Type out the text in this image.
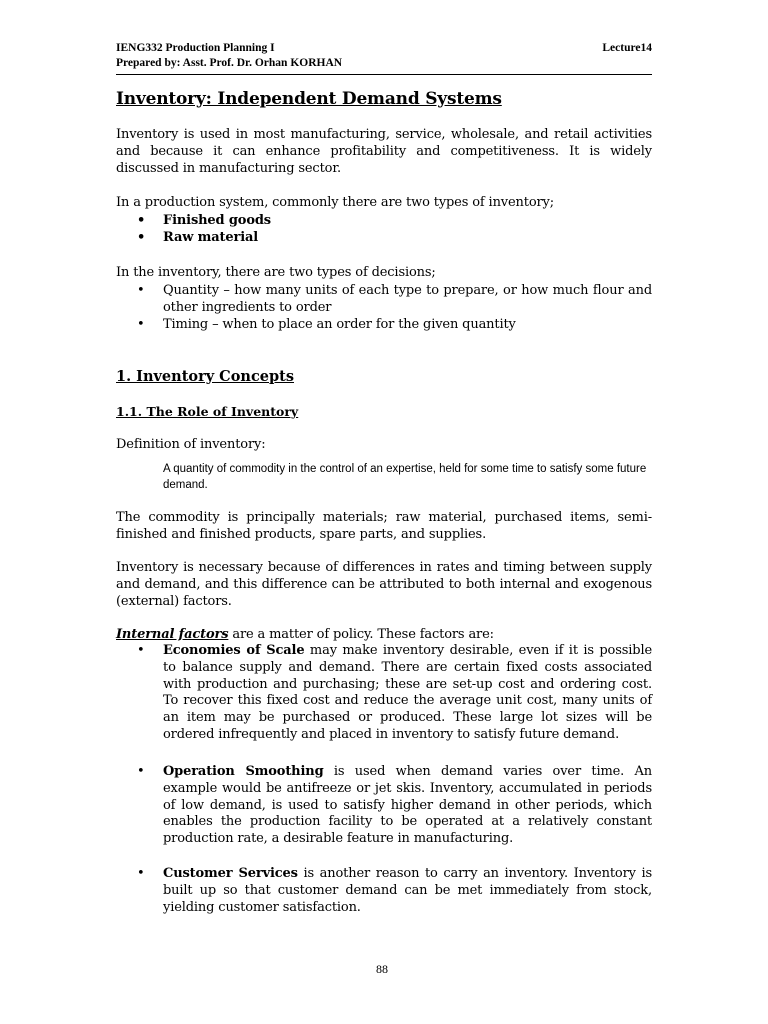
IENG332 Production Planning I	Lecture14
Prepared by: Asst. Prof. Dr. Orhan KORHAN
Inventory: Independent Demand Systems
Inventory is used in most manufacturing, service, wholesale, and retail activities and because it can enhance profitability and competitiveness. It is widely discussed in manufacturing sector.
In a production system, commonly there are two types of inventory;
• Finished goods
• Raw material
In the inventory, there are two types of decisions;
• Quantity – how many units of each type to prepare, or how much flour and other ingredients to order
• Timing – when to place an order for the given quantity
1. Inventory Concepts
1.1. The Role of Inventory
Definition of inventory:
A quantity of commodity in the control of an expertise, held for some time to satisfy some future demand.
The commodity is principally materials; raw material, purchased items, semi-finished and finished products, spare parts, and supplies.
Inventory is necessary because of differences in rates and timing between supply and demand, and this difference can be attributed to both internal and exogenous (external) factors.
Internal factors are a matter of policy. These factors are:
• Economies of Scale may make inventory desirable, even if it is possible to balance supply and demand. There are certain fixed costs associated with production and purchasing; these are set-up cost and ordering cost. To recover this fixed cost and reduce the average unit cost, many units of an item may be purchased or produced. These large lot sizes will be ordered infrequently and placed in inventory to satisfy future demand.
• Operation Smoothing is used when demand varies over time. An example would be antifreeze or jet skis. Inventory, accumulated in periods of low demand, is used to satisfy higher demand in other periods, which enables the production facility to be operated at a relatively constant production rate, a desirable feature in manufacturing.
• Customer Services is another reason to carry an inventory. Inventory is built up so that customer demand can be met immediately from stock, yielding customer satisfaction.
88
